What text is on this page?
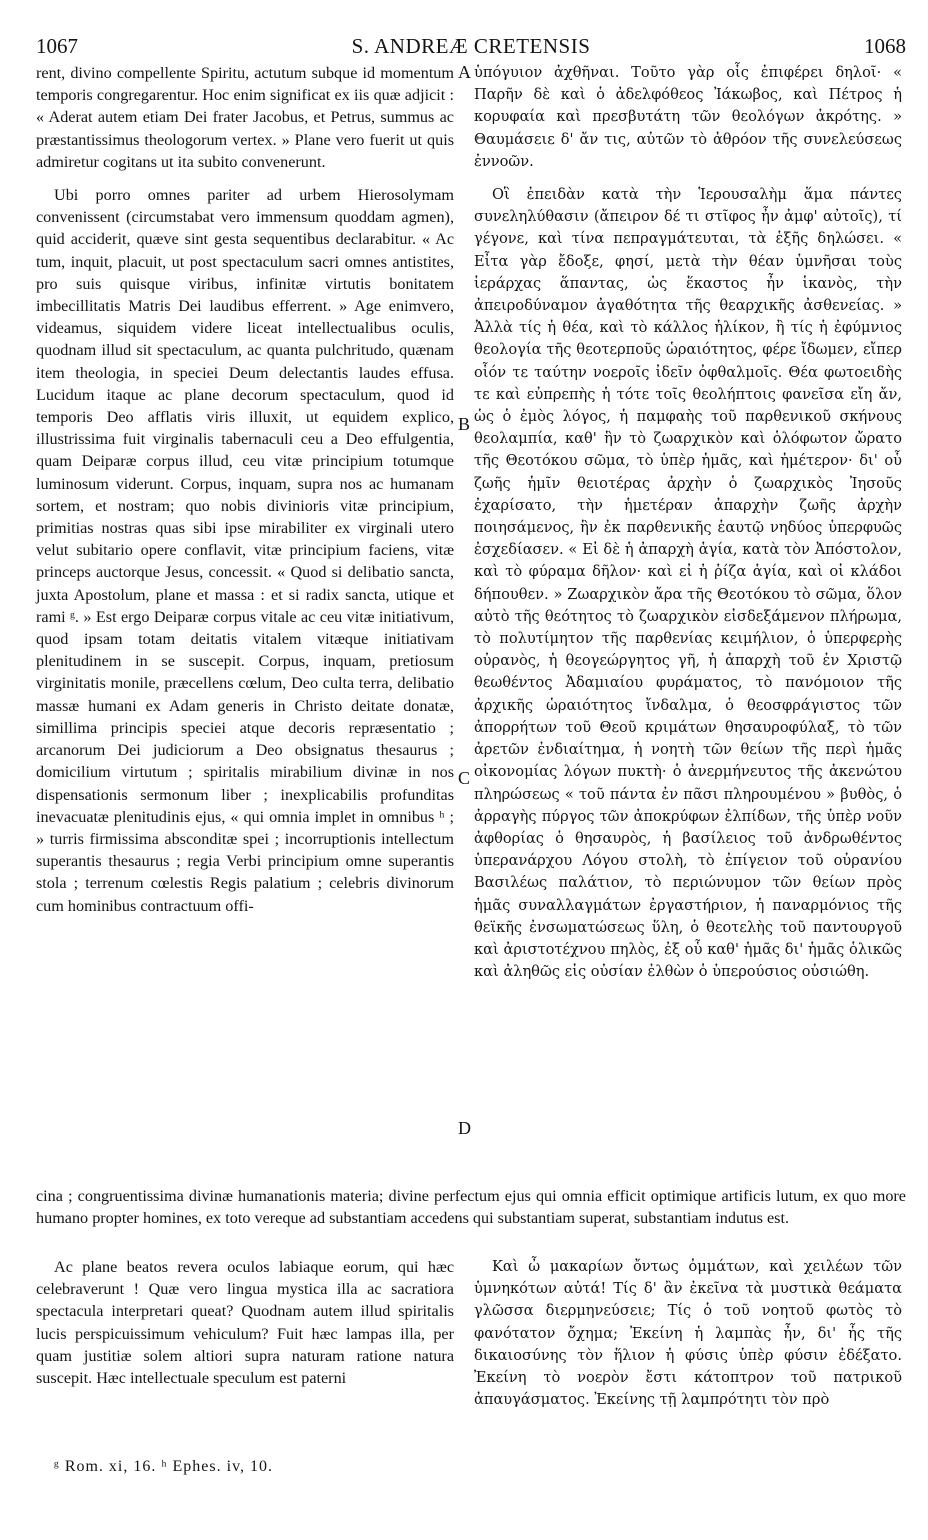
1067	S. ANDREÆ CRETENSIS	1068

rent, divino compellente Spiritu, actutum subque id momentum temporis congregarentur. Hoc enim significat ex iis quæ adjicit : « Aderat autem etiam Dei frater Jacobus, et Petrus, summus ac præstantissimus theologorum vertex. » Plane vero fuerit ut quis admiretur cogitans ut ita subito convenerunt.

Ubi porro omnes pariter ad urbem Hierosolymam convenissent (circumstabat vero immensum quoddam agmen), quid acciderit, quæve sint gesta sequentibus declarabitur. « Ac tum, inquit, placuit, ut post spectaculum sacri omnes antistites, pro suis quisque viribus, infinitæ virtutis bonitatem imbecillitatis Matris Dei laudibus efferrent. » Age enimvero, videamus, siquidem videre liceat intellectualibus oculis, quodnam illud sit spectaculum, ac quanta pulchritudo, quænam item theologia, in speciei Deum delectantis laudes effusa. Lucidum itaque ac plane decorum spectaculum, quod id temporis Deo afflatis viris illuxit, ut equidem explico, illustrissima fuit virginalis tabernaculi ceu a Deo effulgentia, quam Deiparæ corpus illud, ceu vitæ principium totumque luminosum viderunt. Corpus, inquam, supra nos ac humanam sortem, et nostram; quo nobis divinioris vitæ principium, primitias nostras quas sibi ipse mirabiliter ex virginali utero velut subitario opere conflavit, vitæ principium faciens, vitæ princeps auctorque Jesus, concessit. « Quod si delibatio sancta, juxta Apostolum, plane et massa : et si radix sancta, utique et rami ᵍ. » Est ergo Deiparæ corpus vitale ac ceu vitæ initiativum, quod ipsam totam deitatis vitalem vitæque initiativam plenitudinem in se suscepit. Corpus, inquam, pretiosum virginitatis monile, præcellens cœlum, Deo culta terra, delibatio massæ humani ex Adam generis in Christo deitate donatæ, simillima principis speciei atque decoris repræsentatio ; arcanorum Dei judiciorum a Deo obsignatus thesaurus ; domicilium virtutum ; spiritalis mirabilium divinæ in nos dispensationis sermonum liber ; inexplicabilis profunditas inevacuatæ plenitudinis ejus, « qui omnia implet in omnibus ʰ ; » turris firmissima absconditæ spei ; incorruptionis intellectum superantis thesaurus ; regia Verbi principium omne superantis stola ; terrenum cœlestis Regis palatium ; celebris divinorum cum hominibus contractuum offi-

ὑπόγυιον ἀχθῆναι. Τοῦτο γὰρ οἷς ἐπιφέρει δηλοῖ· « Παρῆν δὲ καὶ ὁ ἀδελφόθεος Ἰάκωβος, καὶ Πέτρος ἡ κορυφαία καὶ πρεσβυτάτη τῶν θεολόγων ἀκρότης. » Θαυμάσειε δ' ἄν τις, αὐτῶν τὸ ἀθρόον τῆς συνελεύσεως ἐννοῶν.

Οἳ ἐπειδὰν κατὰ τὴν Ἱερουσαλὴμ ἅμα πάντες συνεληλύθασιν (ἄπειρον δέ τι στῖφος ἦν ἀμφ' αὐτοῖς), τί γέγονε, καὶ τίνα πεπραγμάτευται, τὰ ἑξῆς δηλώσει. « Εἶτα γὰρ ἔδοξε, φησί, μετὰ τὴν θέαν ὑμνῆσαι τοὺς ἱεράρχας ἅπαντας, ὡς ἕκαστος ἦν ἱκανὸς, τὴν ἀπειροδύναμον ἀγαθότητα τῆς θεαρχικῆς ἀσθενείας. » Ἀλλὰ τίς ἡ θέα, καὶ τὸ κάλλος ἡλίκον, ἢ τίς ἡ ἐφύμνιος θεολογία τῆς θεοτερποῦς ὡραιότητος, φέρε ἴδωμεν, εἴπερ οἷόν τε ταύτην νοεροῖς ἰδεῖν ὀφθαλμοῖς. Θέα φωτοειδὴς τε καὶ εὐπρεπὴς ἡ τότε τοῖς θεολήπτοις φανεῖσα εἴη ἄν, ὡς ὁ ἐμὸς λόγος, ἡ παμφαὴς τοῦ παρθενικοῦ σκήνους θεολαμπία, καθ' ἣν τὸ ζωαρχικὸν καὶ ὁλόφωτον ὤρατο τῆς Θεοτόκου σῶμα, τὸ ὑπὲρ ἡμᾶς, καὶ ἡμέτερον· δι' οὗ ζωῆς ἡμῖν θειοτέρας ἀρχὴν ὁ ζωαρχικὸς Ἰησοῦς ἐχαρίσατο, τὴν ἡμετέραν ἀπαρχὴν ζωῆς ἀρχὴν ποιησάμενος, ἣν ἐκ παρθενικῆς ἑαυτῷ νηδύος ὑπερφυῶς ἐσχεδίασεν. « Εἰ δὲ ἡ ἀπαρχὴ ἁγία, κατὰ τὸν Ἀπόστολον, καὶ τὸ φύραμα δῆλον· καὶ εἰ ἡ ῥίζα ἁγία, καὶ οἱ κλάδοι δήπουθεν. » Ζωαρχικὸν ἄρα τῆς Θεοτόκου τὸ σῶμα, ὅλον αὐτὸ τῆς θεότητος τὸ ζωαρχικὸν εἰσδεξάμενον πλήρωμα, τὸ πολυτίμητον τῆς παρθενίας κειμήλιον, ὁ ὑπερφερὴς οὐρανὸς, ἡ θεογεώργητος γῆ, ἡ ἀπαρχὴ τοῦ ἐν Χριστῷ θεωθέντος Ἀδαμιαίου φυράματος, τὸ πανόμοιον τῆς ἀρχικῆς ὡραιότητος ἴνδαλμα, ὁ θεοσφράγιστος τῶν ἀπορρήτων τοῦ Θεοῦ κριμάτων θησαυροφύλαξ, τὸ τῶν ἀρετῶν ἐνδιαίτημα, ἡ νοητὴ τῶν θείων τῆς περὶ ἡμᾶς οἰκονομίας λόγων πυκτὴ· ὁ ἀνερμήνευτος τῆς ἀκενώτου πληρώσεως « τοῦ πάντα ἐν πᾶσι πληρουμένου » βυθὸς, ὁ ἀρραγὴς πύργος τῶν ἀποκρύφων ἐλπίδων, τῆς ὑπὲρ νοῦν ἀφθορίας ὁ θησαυρὸς, ἡ βασίλειος τοῦ ἀνδρωθέντος ὑπερανάρχου Λόγου στολὴ, τὸ ἐπίγειον τοῦ οὐρανίου Βασιλέως παλάτιον, τὸ περιώνυμον τῶν θείων πρὸς ἡμᾶς συναλλαγμάτων ἐργαστήριον, ἡ παναρμόνιος τῆς θεϊκῆς ἐνσωματώσεως ὕλη, ὁ θεοτελὴς τοῦ παντουργοῦ καὶ ἀριστοτέχνου πηλὸς, ἐξ οὗ καθ' ἡμᾶς δι' ἡμᾶς ὁλικῶς καὶ ἀληθῶς εἰς οὐσίαν ἐλθὼν ὁ ὑπερούσιος οὐσιώθη.

A
B
C
D
cina ; congruentissima divinæ humanationis materia; divine perfectum ejus qui omnia efficit optimique artificis lutum, ex quo more humano propter homines, ex toto vereque ad substantiam accedens qui substantiam superat, substantiam indutus est.
Ac plane beatos revera oculos labiaque eorum, qui hæc celebraverunt ! Quæ vero lingua mystica illa ac sacratiora spectacula interpretari queat? Quodnam autem illud spiritalis lucis perspicuissimum vehiculum? Fuit hæc lampas illa, per quam justitiæ solem altiori supra naturam ratione natura suscepit. Hæc intellectuale speculum est paterni
Καὶ ὦ μακαρίων ὄντως ὀμμάτων, καὶ χειλέων τῶν ὑμνηκότων αὐτά! Τίς δ' ἂν ἐκεῖνα τὰ μυστικὰ θεάματα γλῶσσα διερμηνεύσειε; Τίς ὁ τοῦ νοητοῦ φωτὸς τὸ φανότατον ὄχημα; Ἐκείνη ἡ λαμπὰς ἦν, δι' ἧς τῆς δικαιοσύνης τὸν ἥλιον ἡ φύσις ὑπὲρ φύσιν ἐδέξατο. Ἐκείνη τὸ νοερὸν ἔστι κάτοπτρον τοῦ πατρικοῦ ἀπαυγάσματος. Ἐκείνης τῇ λαμπρότητι τὸν πρὸ
ᵍ Rom. xi, 16. ʰ Ephes. iv, 10.
